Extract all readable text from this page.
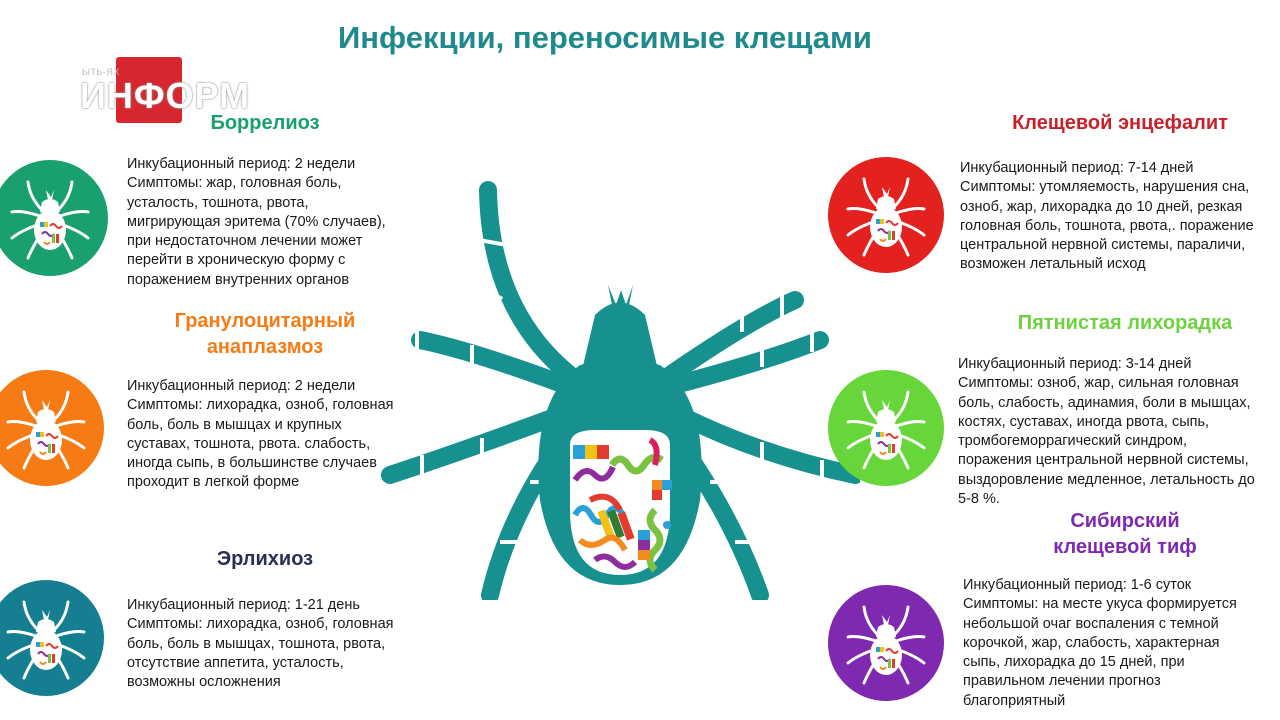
Инфекции, переносимые клещами
ЫТЬ-ЯХ
ИНФОРМ
Боррелиоз
Инкубационный период: 2 недели
Симптомы: жар, головная боль,
усталость, тошнота, рвота,
мигрирующая эритема (70% случаев),
при недостаточном лечении может
перейти в хроническую форму с
поражением внутренних органов
Гранулоцитарный
анаплазмоз
Инкубационный период: 2 недели
Симптомы: лихорадка, озноб, головная
боль, боль в мышцах и крупных
суставах, тошнота, рвота. слабость,
иногда сыпь, в большинстве случаев
проходит в легкой форме
Эрлихиоз
Инкубационный период: 1-21 день
Симптомы: лихорадка, озноб, головная
боль, боль в мышцах, тошнота, рвота,
отсутствие аппетита, усталость,
возможны осложнения
Клещевой энцефалит
Инкубационный период: 7-14 дней
Симптомы: утомляемость, нарушения сна,
озноб, жар, лихорадка до 10 дней, резкая
головная боль, тошнота, рвота,. поражение
центральной нервной системы, параличи,
возможен летальный исход
Пятнистая лихорадка
Инкубационный период: 3-14 дней
Симптомы: озноб, жар, сильная головная
боль, слабость, адинамия, боли в мышцах,
костях, суставах, иногда рвота, сыпь,
тромбогеморрагический синдром,
поражения центральной нервной системы,
выздоровление медленное, летальность до
5-8 %.
Сибирский
клещевой тиф
Инкубационный период: 1-6 суток
Симптомы: на месте укуса формируется
небольшой очаг воспаления с темной
корочкой, жар, слабость, характерная
сыпь, лихорадка до 15 дней, при
правильном лечении прогноз
благоприятный
